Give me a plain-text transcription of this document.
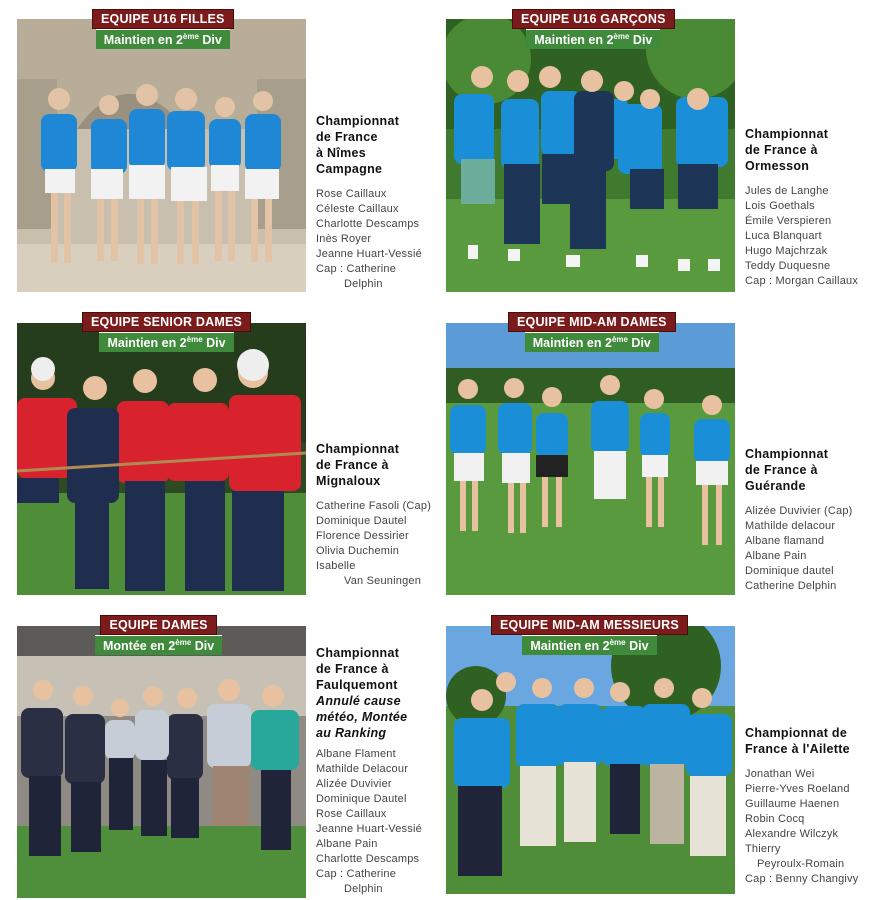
EQUIPE U16 FILLES
Maintien en 2ème Div
Championnat
de France
à Nîmes
Campagne
Rose Caillaux
Céleste Caillaux
Charlotte Descamps
Inès Royer
Jeanne Huart-Vessié
Cap : Catherine
Delphin
EQUIPE U16 GARÇONS
Maintien en 2ème Div
Championnat
de France à
Ormesson
Jules de Langhe
Lois Goethals
Émile Verspieren
Luca Blanquart
Hugo Majchrzak
Teddy Duquesne
Cap : Morgan Caillaux
EQUIPE SENIOR DAMES
Maintien en 2ème Div
Championnat
de France à
Mignaloux
Catherine Fasoli (Cap)
Dominique Dautel
Florence Dessirier
Olivia Duchemin
Isabelle
Van Seuningen
EQUIPE MID-AM DAMES
Maintien en 2ème Div
Championnat
de France à
Guérande
Alizée Duvivier (Cap)
Mathilde delacour
Albane flamand
Albane Pain
Dominique dautel
Catherine Delphin
EQUIPE DAMES
Montée en 2ème Div	Championnat
de France à
Faulquemont
Annulé cause
météo, Montée
au Ranking
Albane Flament
Mathilde Delacour
Alizée Duvivier
Dominique Dautel
Rose Caillaux
Jeanne Huart-Vessié
Albane Pain
Charlotte Descamps
Cap : Catherine
Delphin
EQUIPE MID-AM MESSIEURS
Maintien en 2ème Div
Championnat de
France à l'Ailette
Jonathan Wei
Pierre-Yves Roeland
Guillaume Haenen
Robin Cocq
Alexandre Wilczyk
Thierry
Peyroulx-Romain
Cap : Benny Changivy
